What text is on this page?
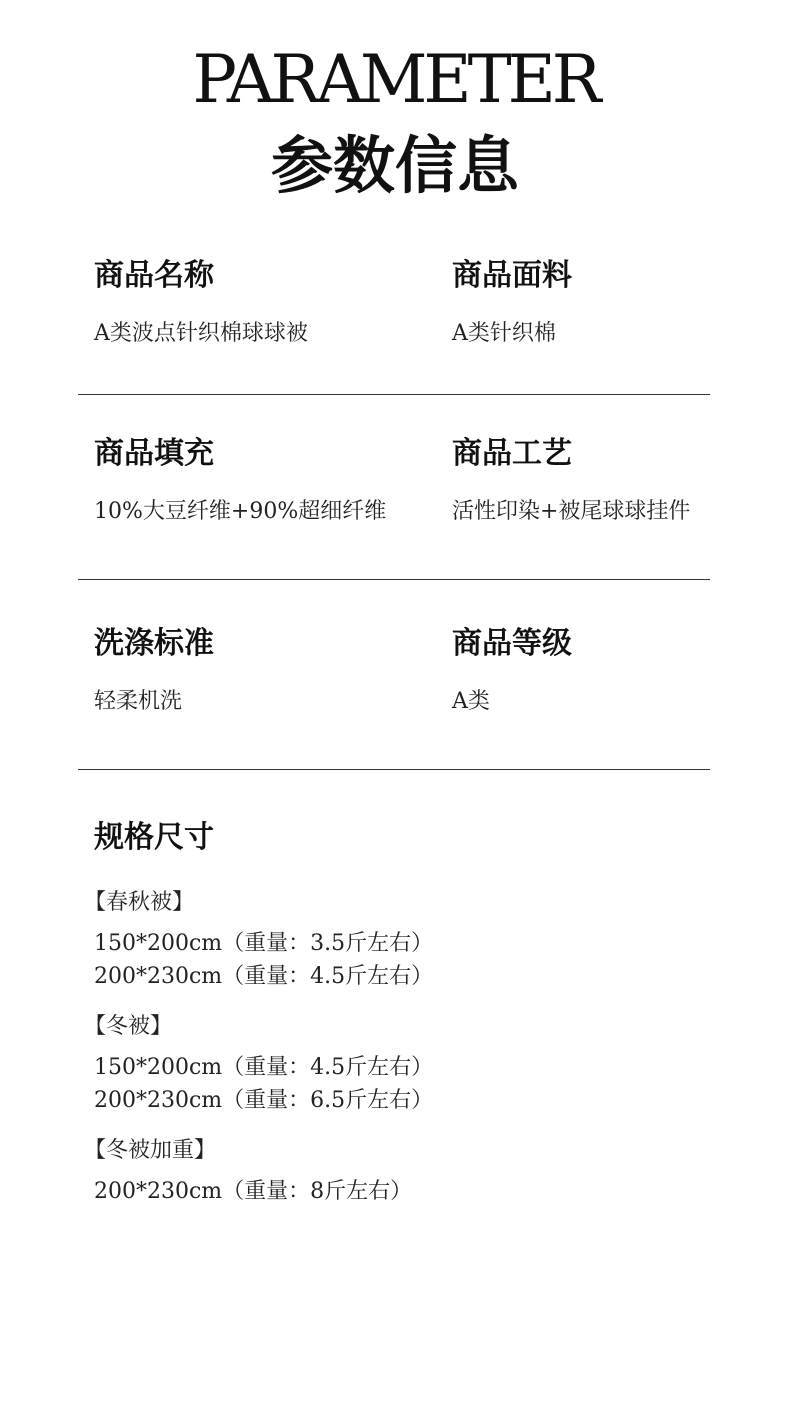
PARAMETER
参数信息
商品名称
A类波点针织棉球球被
商品面料
A类针织棉
商品填充
10%大豆纤维+90%超细纤维
商品工艺
活性印染+被尾球球挂件
洗涤标准
轻柔机洗
商品等级
A类
规格尺寸
【春秋被】
150*200cm（重量：3.5斤左右）
200*230cm（重量：4.5斤左右）
【冬被】
150*200cm（重量：4.5斤左右）
200*230cm（重量：6.5斤左右）
【冬被加重】
200*230cm（重量：8斤左右）
